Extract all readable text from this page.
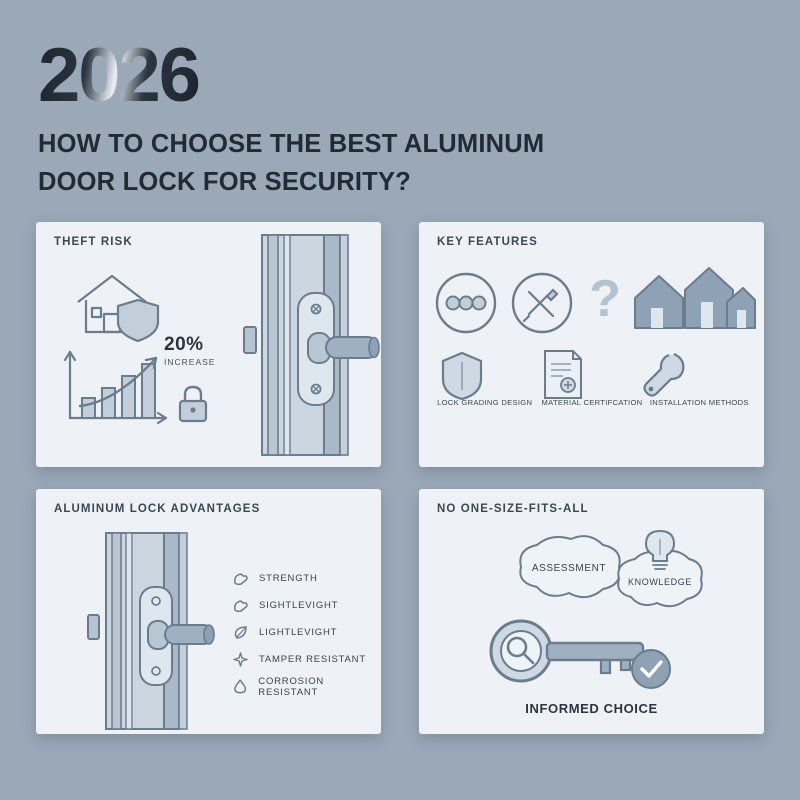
2026
HOW TO CHOOSE THE BEST ALUMINUM
DOOR LOCK FOR SECURITY?
THEFT RISK
20%
INCREASE
KEY FEATURES
?
LOCK GRADING DESIGN	MATERIAL CERTIFCATION INSTALLATION METHODS
ALUMINUM LOCK ADVANTAGES
STRENGTH
SIGHTLEVIGHT
LIGHTLEVIGHT
TAMPER RESISTANT
CORROSION RESISTANT
NO ONE-SIZE-FITS-ALL
ASSESSMENT
KNOWLEDGE
INFORMED CHOICE
